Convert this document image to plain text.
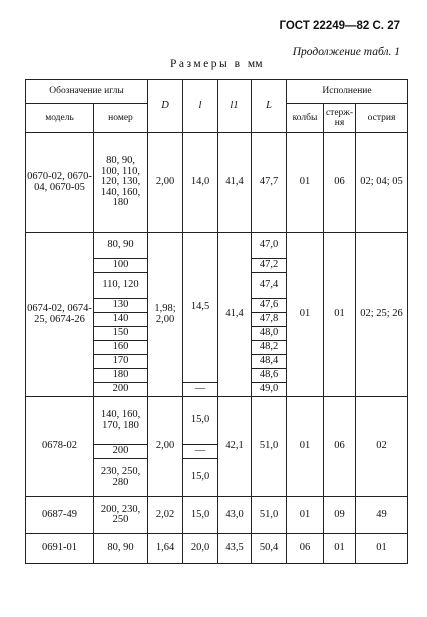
ГОСТ 22249—82 С. 27
Продолжение табл. 1
Размеры в мм
Обозначение иглы		D	l	l1	L	Исполнение		
модель	номер					колбы	стерж-ня	острия
0670-02, 0670-04, 0670-05	80, 90, 100, 110, 120, 130, 140, 160, 180	2,00	14,0	41,4	47,7	01	06	02; 04; 05
0674-02, 0674-25, 0674-26	80, 90	1,98; 2,00	14,5	41,4	47,0	01	01	02; 25; 26
	100				47,2			
	110, 120				47,4			
	130				47,6			
	140				47,8			
	150				48,0			
	160				48,2			
	170				48,4			
	180				48,6			
	200		—		49,0			
0678-02	140, 160, 170, 180	2,00	15,0	42,1	51,0	01	06	02
	200		—					
	230, 250, 280		15,0					
0687-49	200, 230, 250	2,02	15,0	43,0	51,0	01	09	49
0691-01	80, 90	1,64	20,0	43,5	50,4	06	01	01
